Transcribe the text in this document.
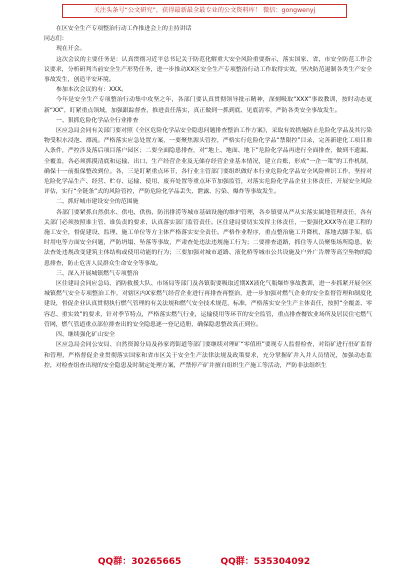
关注头条号“公文研究”，获得最新最全最专业的公文资料库！ 微信：gongwenyj

在区安全生产专项整治行动工作推进会上的主持讲话

同志们：

现在开会。

这次会议的主要任务是：认真贯彻习近平总书记关于防范化解重大安全风险重要指示，落实国家、省、市安全防范工作会议要求，分析研判当前安全生产形势任务，进一步推动XX区安全生产专项整治行动工作取得实效，坚决防范遏制各类生产安全事故发生，创造平安环境。

参加本次会议的有：XXX。

今年是安全生产专项整治行动集中攻坚之年，各部门要认真贯彻领导批示精神，深刻吸取“XXX”事故教训，按时动态更新“XX”，盯紧重点领域，加强跟踪督查，推进责任落实，真正做到一抓到底、见底清零，严防各类安全事故发生。

一、狠抓危险化学品全行业排查

区应急局会同有关部门要对照《全区危险化学品安全隐患问题排查整治工作方案》，采取有效措施防止危险化学品及其污染物受积水浸泡、漂流。严格落实应急处置方案，一要聚焦源头管控，严格实行危险化学品“禁限控”目录，完善新建化工项目准入条件，严控涉及落后项目落户园区；二要全面隐患排查，对“地上、地面、地下”危险化学品再进行全面排查，做到不遗漏、全覆盖，各必须抓摸清底和运输、出口、生产经营企业及无储存经营企业基本情况，建立台账，形成“一企一策”的工作机制，确保十一前报保整改到位。各，三是盯紧重点环节，各行业主管部门要组织做好本行业危险化学品安全风险辨识工作，坚持对危险化学品生产、经营、贮存、运输、使用、废弃处置等重点环节加强监管，对落实危险化学品企业主体责任，开展安全风险评估，实行“全链条”式的风险管控，严防危险化学品丢失、泄露、污染、爆炸等事故发生。

二、抓好城市建设安全的范围施

各部门要紧抓自然供水、供电、供热、防汛排涝等城市基础设施的维护管理，各乡镇要从严从实落实属地管理责任，各有关部门必须按照谁主管、谁负责的要求，认真落实部门监管责任。区住建局要切实发挥主体责任，一要强化XXX等在建工程的施工安全，督促建设、监理、施工单位等方主体严格落实安全责任。严格作业程序，重点整治施工升降机、落地式脚手架、临时用电等方面安全问题，严防坍塌、坠落等事故，严肃查处违法违规施工行为；二要排查道路，抓住等人员聚集场所隐患，依法查处违规改变建筑主体结构或使用功能的行为；三要加强对城市道路、液化桥等城市公共设施及户外广告牌等高空坠物的隐患排查，防止危害人民群众生命安全等事故。

三、深入开展城镇燃气专项整治

区住建局会同应急局、消防救援大队、市场局等部门及各镇街要吸取近期XX液化气瓶爆炸事故教训，进一步抓紧开展全区城镇燃气安全专项整治工作，对辖区内X家燃气经营企业进行再排查再整治，进一步加强对燃气企业的安全监督管理和制度化建设，督促企业认真贯彻执行燃气管理的有关法规和燃气安全技术规范，标准，严格落实安全生产主体责任，按照“全覆盖、零容忍、重实效”的要求，针对季节特点，严格落实燃气行业，运输使用等环节的安全监管，重点排查餐饮业场所及居民住宅燃气管网，燃气管道重点部位排查出的安全隐患逐一登记造册，确保隐患整改真正到位。

四、继续强化矿山安全

区应急局会同公安局、自然资源分局及孙家湾街道等部门要继续对理矿“零值班”要现专人监督检查，对铅矿进行驻矿监督和管理，严格督促企业贯彻落实国家和省市区关于安全生产法律法规及政策要求，充分掌握矿井入井人员情况，加强动态监控，对检查组查出现的安全隐患及时制定处理方案，严禁停产矿井擅自组织生产施工等活动，严防非法组织生

QQ群：30265665	QQ群：535304092
